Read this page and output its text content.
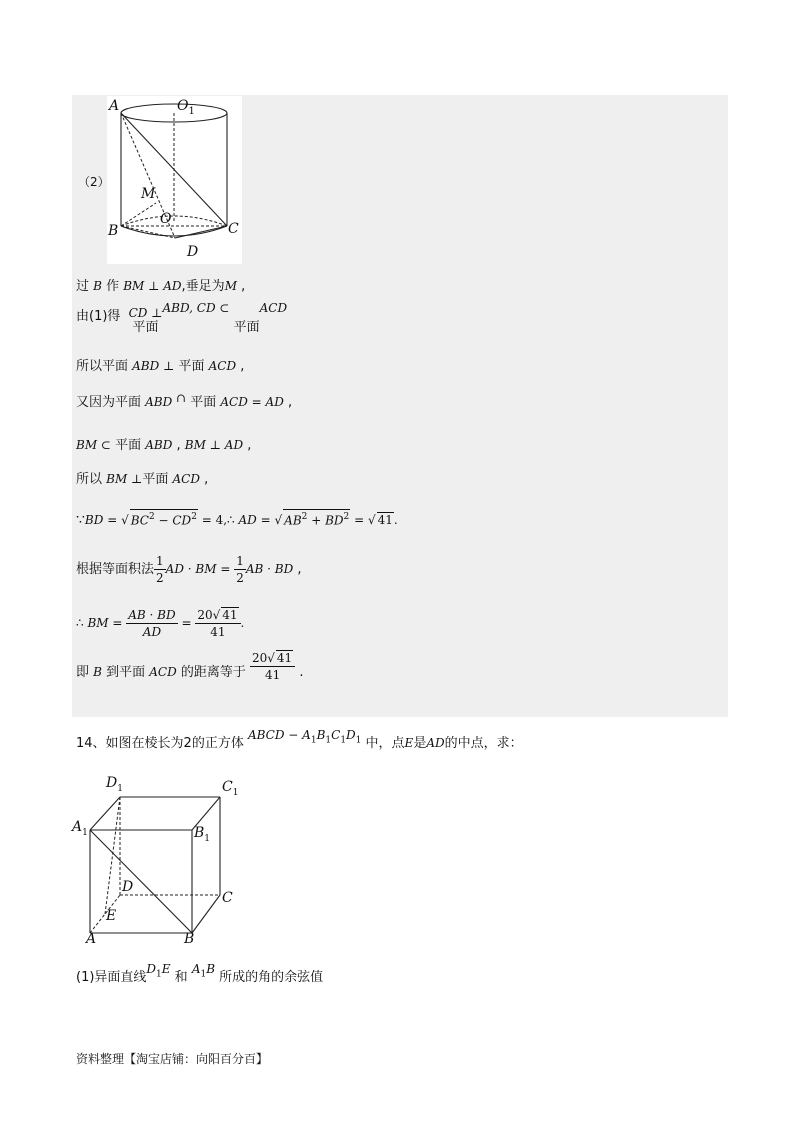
A	$O_1$
M
O
B	C
D
（2）
过 B 作 BM ⊥ AD,垂足为M ,
由(1)得 CD ⊥
平面
ABD, CD ⊂

平面
ACD
所以平面 ABD ⊥ 平面 ACD ,
又因为平面 ABD ∩ 平面 ACD = AD ,
BM ⊂ 平面 ABD , BM ⊥ AD ,
所以 BM ⊥平面 ACD ,
∵BD = √ $BC^2 - CD^2$ = 4,∴ AD = √ $AB^2 + BD^2$ = √ 41.
根据等面积法 $\frac{1}{2}$ AD · BM = $\frac{1}{2}$ AB · BD ,
∴ BM = $\frac{AB \cdot BD}{AD} = \frac{20√ 41}{41}$ .
即 B 到平面 ACD 的距离等于 $\frac{20√ 41}{41}$ .
14、如图在棱长为2的正方体 ABCD − $A_1B_1C_1D_1$ 中，点E是AD的中点，求：
$D_1$	$C_1$
$A_1$	$B_1$
D
C
E
A	B
(1)异面直线$D_1E$ 和 $A_1B$ 所成的角的余弦值
资料整理【淘宝店铺：向阳百分百】
